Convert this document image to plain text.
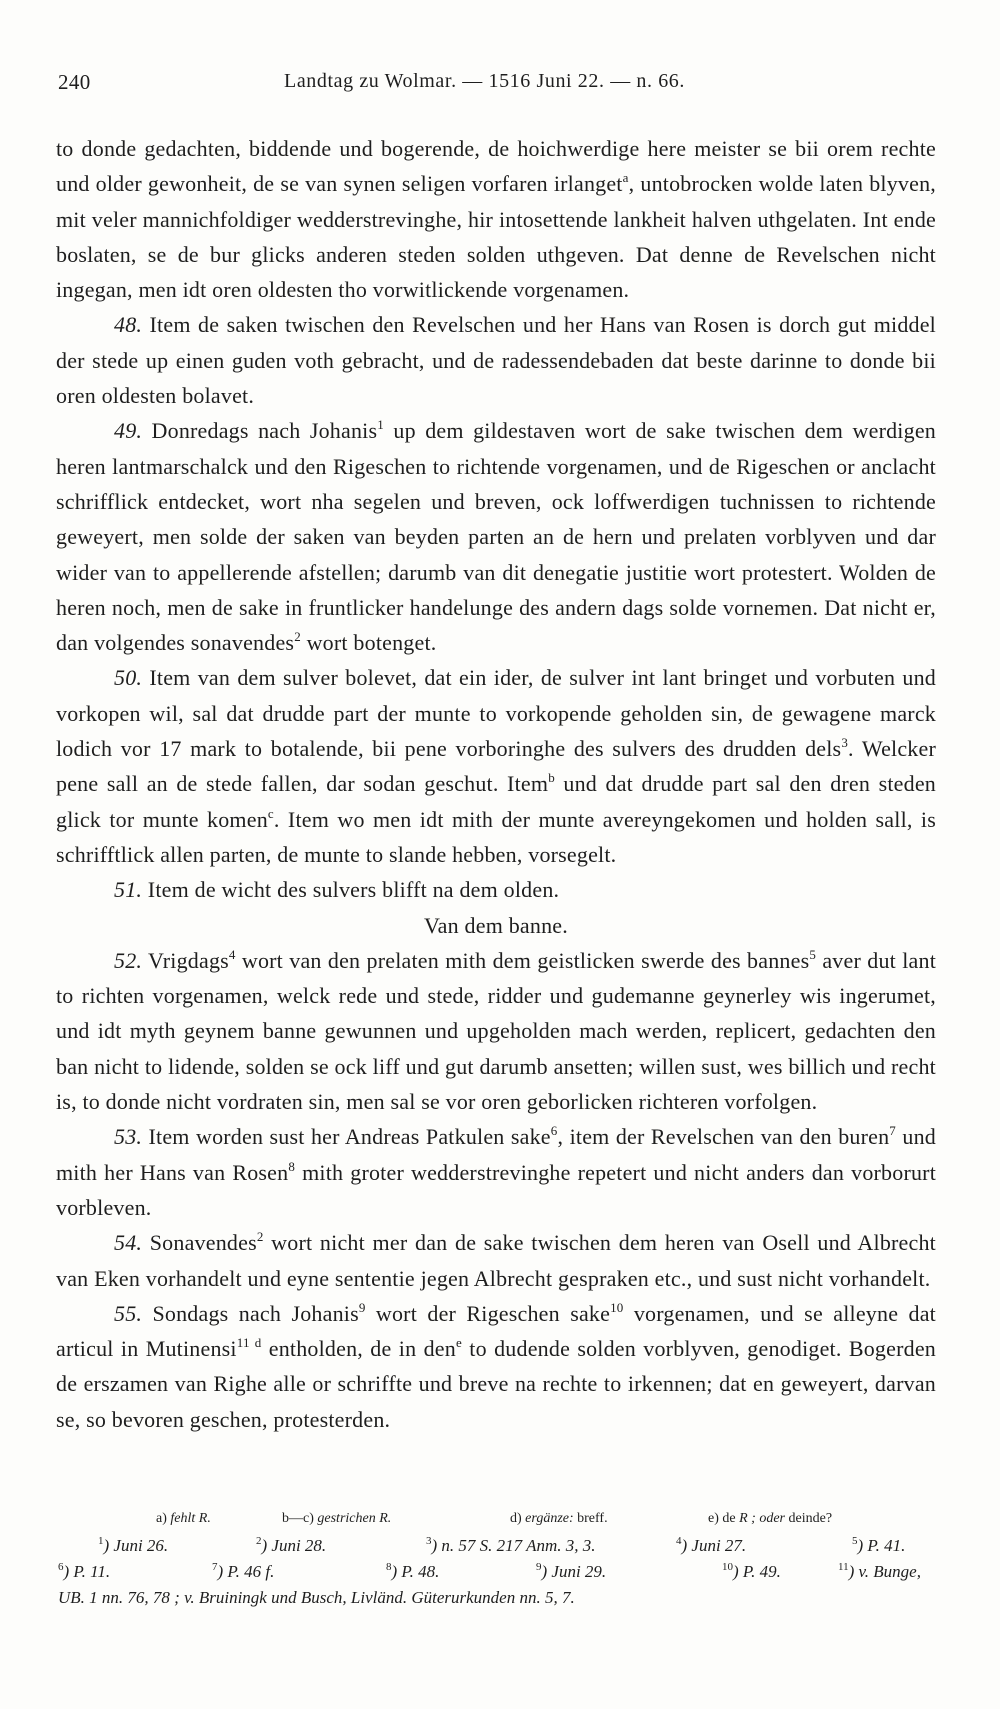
240	Landtag zu Wolmar. — 1516 Juni 22. — n. 66.

to donde gedachten, biddende und bogerende, de hoichwerdige here meister se bii orem rechte und older gewonheit, de se van synen seligen vorfaren irlanget$^a$, untobrocken wolde laten blyven, mit veler mannichfoldiger wedderstrevinghe, hir intosettende lankheit halven uthgelaten. Int ende boslaten, se de bur glicks anderen steden solden uthgeven. Dat denne de Revelschen nicht ingegan, men idt oren oldesten tho vorwitlickende vorgenamen.

48. Item de saken twischen den Revelschen und her Hans van Rosen is dorch gut middel der stede up einen guden voth gebracht, und de radessendebaden dat beste darinne to donde bii oren oldesten bolavet.

49. Donredags nach Johanis$^1$ up dem gildestaven wort de sake twischen dem werdigen heren lantmarschalck und den Rigeschen to richtende vorgenamen, und de Rigeschen or anclacht schrifflick entdecket, wort nha segelen und breven, ock loffwerdigen tuchnissen to richtende geweyert, men solde der saken van beyden parten an de hern und prelaten vorblyven und dar wider van to appellerende afstellen; darumb van dit denegatie justitie wort protestert. Wolden de heren noch, men de sake in fruntlicker handelunge des andern dags solde vornemen. Dat nicht er, dan volgendes sonavendes$^2$ wort botenget.

50. Item van dem sulver bolevet, dat ein ider, de sulver int lant bringet und vorbuten und vorkopen wil, sal dat drudde part der munte to vorkopende geholden sin, de gewagene marck lodich vor 17 mark to botalende, bii pene vorboringhe des sulvers des drudden dels$^3$. Welcker pene sall an de stede fallen, dar sodan geschut. Item$^b$ und dat drudde part sal den dren steden glick tor munte komen$^c$. Item wo men idt mith der munte avereyngekomen und holden sall, is schrifftlick allen parten, de munte to slande hebben, vorsegelt.

51. Item de wicht des sulvers blifft na dem olden.

Van dem banne.

52. Vrigdags$^4$ wort van den prelaten mith dem geistlicken swerde des bannes$^5$ aver dut lant to richten vorgenamen, welck rede und stede, ridder und gudemanne geynerley wis ingerumet, und idt myth geynem banne gewunnen und upgeholden mach werden, replicert, gedachten den ban nicht to lidende, solden se ock liff und gut darumb ansetten; willen sust, wes billich und recht is, to donde nicht vordraten sin, men sal se vor oren geborlicken richteren vorfolgen.

53. Item worden sust her Andreas Patkulen sake$^6$, item der Revelschen van den buren$^7$ und mith her Hans van Rosen$^8$ mith groter wedderstrevinghe repetert und nicht anders dan vorborurt vorbleven.

54. Sonavendes$^2$ wort nicht mer dan de sake twischen dem heren van Osell und Albrecht van Eken vorhandelt und eyne sententie jegen Albrecht gespraken etc., und sust nicht vorhandelt.

55. Sondags nach Johanis$^9$ wort der Rigeschen sake$^{10}$ vorgenamen, und se alleyne dat articul in Mutinensi$^{11 d}$ entholden, de in den$^e$ to dudende solden vorblyven, genodiget. Bogerden de erszamen van Righe alle or schriffte und breve na rechte to irkennen; dat en geweyert, darvan se, so bevoren geschen, protesterden.

a) fehlt R.	b—c) gestrichen R.	d) ergänze: breff.	e) de R ; oder deinde?
$^1$) Juni 26.	$^2$) Juni 28.	$^3$) n. 57 S. 217 Anm. 3, 3.	$^4$) Juni 27.	$^5$) P. 41.
$^6$) P. 11.	$^7$) P. 46 f.	$^8$) P. 48.	$^9$) Juni 29.	$^{10}$) P. 49.	$^{11}$) v. Bunge,
UB. 1 nn. 76, 78 ; v. Bruiningk und Busch, Livländ. Güterurkunden nn. 5, 7.
